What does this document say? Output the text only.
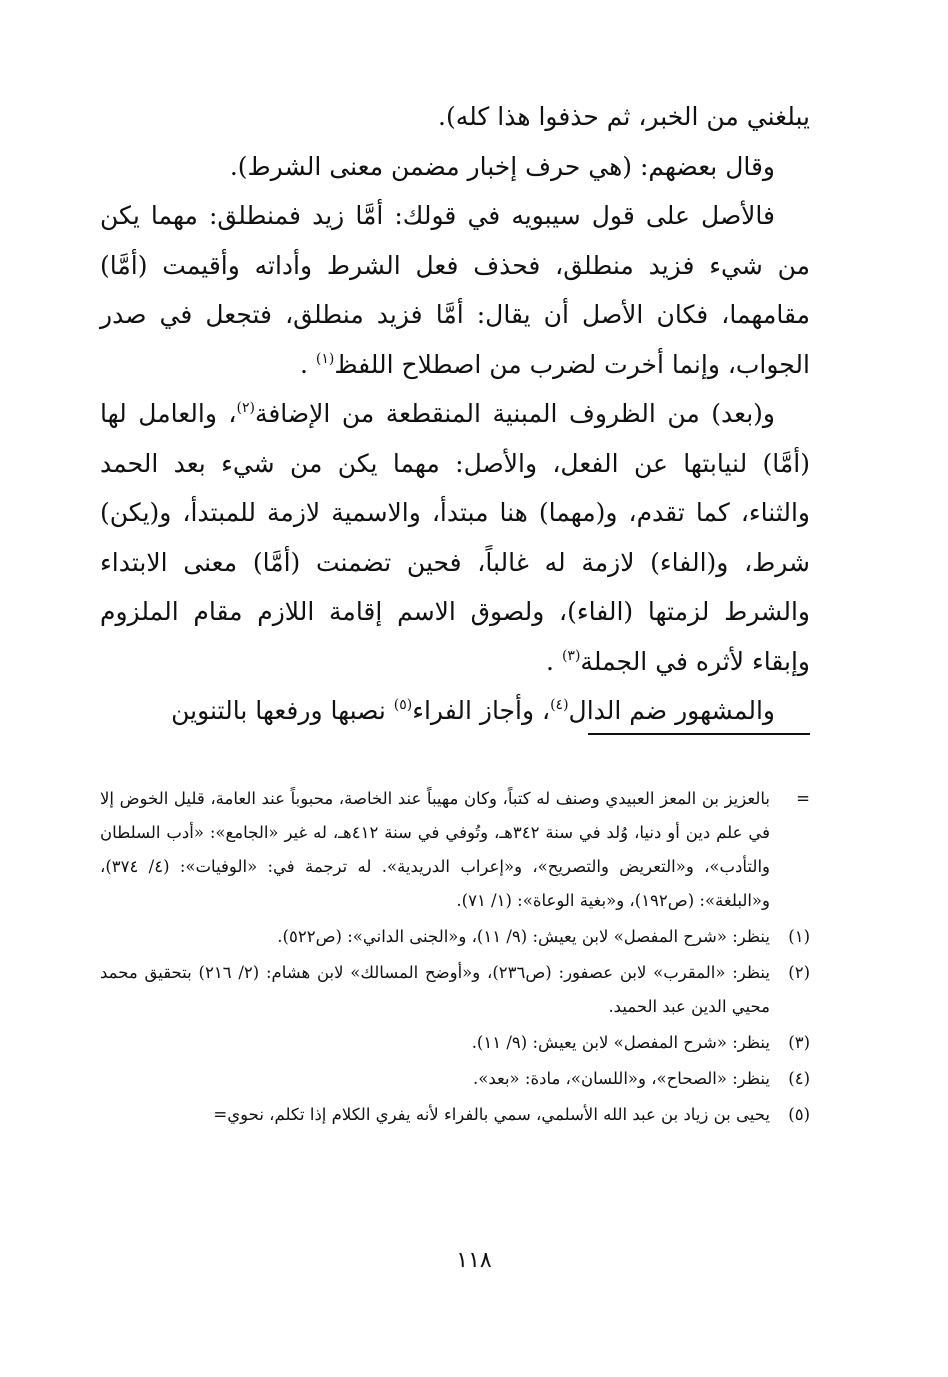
يبلغني من الخبر، ثم حذفوا هذا كله).

وقال بعضهم: (هي حرف إخبار مضمن معنى الشرط).

فالأصل على قول سيبويه في قولك: أمَّا زيد فمنطلق: مهما يكن من شيء فزيد منطلق، فحذف فعل الشرط وأداته وأقيمت (أمَّا) مقامهما، فكان الأصل أن يقال: أمَّا فزيد منطلق، فتجعل في صدر الجواب، وإنما أخرت لضرب من اصطلاح اللفظ$^{(١)}$ .

و(بعد) من الظروف المبنية المنقطعة من الإضافة$^{(٢)}$، والعامل لها (أمَّا) لنيابتها عن الفعل، والأصل: مهما يكن من شيء بعد الحمد والثناء، كما تقدم، و(مهما) هنا مبتدأ، والاسمية لازمة للمبتدأ، و(يكن) شرط، و(الفاء) لازمة له غالباً، فحين تضمنت (أمَّا) معنى الابتداء والشرط لزمتها (الفاء)، ولصوق الاسم إقامة اللازم مقام الملزوم وإبقاء لأثره في الجملة$^{(٣)}$ .

والمشهور ضم الدال$^{(٤)}$، وأجاز الفراء$^{(٥)}$ نصبها ورفعها بالتنوين

=
بالعزيز بن المعز العبيدي وصنف له كتباً، وكان مهيباً عند الخاصة، محبوباً عند العامة، قليل الخوض إلا في علم دين أو دنيا، وُلد في سنة ٣٤٢هـ، وتُوفي في سنة ٤١٢هـ، له غير «الجامع»: «أدب السلطان والتأدب»، و«التعريض والتصريح»، و«إعراب الدريدية». له ترجمة في: «الوفيات»: (٤/ ٣٧٤)، و«البلغة»: (ص١٩٢)، و«بغية الوعاة»: (١/ ٧١).
(١)
ينظر: «شرح المفصل» لابن يعيش: (٩/ ١١)، و«الجنى الداني»: (ص٥٢٢).
(٢)
ينظر: «المقرب» لابن عصفور: (ص٢٣٦)، و«أوضح المسالك» لابن هشام: (٢/ ٢١٦) بتحقيق محمد محيي الدين عبد الحميد.
(٣)
ينظر: «شرح المفصل» لابن يعيش: (٩/ ١١).
(٤)
ينظر: «الصحاح»، و«اللسان»، مادة: «بعد».
(٥)
يحيى بن زياد بن عبد الله الأسلمي، سمي بالفراء لأنه يفري الكلام إذا تكلم، نحوي=
١١٨
